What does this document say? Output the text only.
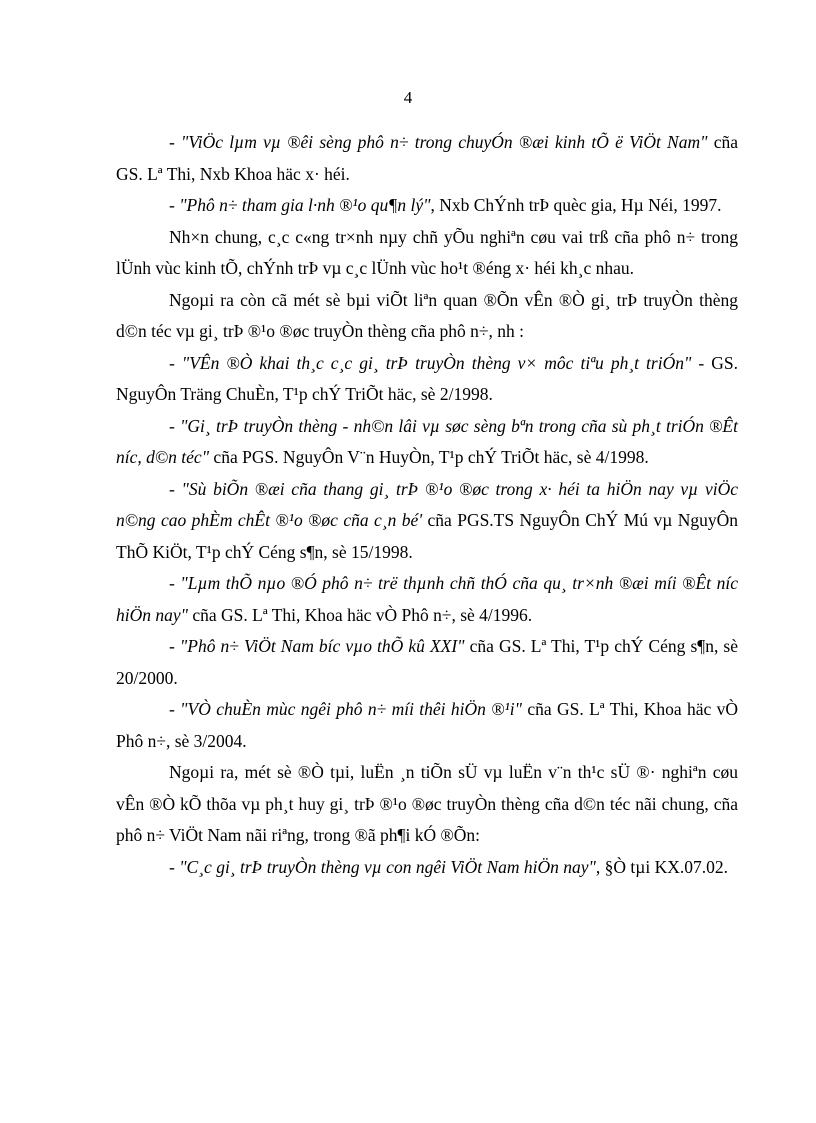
4

- "ViÖc lµm vµ ®êi sèng phô n÷ trong chuyÓn ®æi kinh tÕ ë ViÖt Nam" cña GS. Lª Thi, Nxb Khoa häc x· héi.

- "Phô n÷ tham gia l·nh ®¹o qu¶n lý", Nxb ChÝnh trÞ quèc gia, Hµ Néi, 1997.

Nh×n chung, c¸c c«ng tr×nh nµy chñ yÕu nghiªn cøu vai trß cña phô n÷ trong lÜnh vùc kinh tÕ, chÝnh trÞ vµ c¸c lÜnh vùc ho¹t ®éng x· héi kh¸c nhau.

Ngoµi ra còn cã mét sè bµi viÕt liªn quan ®Õn vÊn ®Ò gi¸ trÞ truyÒn thèng d©n téc vµ gi¸ trÞ ®¹o ®øc truyÒn thèng cña phô n÷, nh :

- "VÊn ®Ò khai th¸c c¸c gi¸ trÞ truyÒn thèng v× môc tiªu ph¸t triÓn" - GS. NguyÔn Träng ChuÈn, T¹p chÝ TriÕt häc, sè 2/1998.

- "Gi¸ trÞ truyÒn thèng - nh©n lâi vµ søc sèng bªn trong cña sù ph¸t triÓn ®Êt níc, d©n téc" cña PGS. NguyÔn V¨n HuyÒn, T¹p chÝ TriÕt häc, sè 4/1998.

- "Sù biÕn ®æi cña thang gi¸ trÞ ®¹o ®øc trong x· héi ta hiÖn nay vµ viÖc n©ng cao phÈm chÊt ®¹o ®øc cña c¸n bé' cña PGS.TS NguyÔn ChÝ Mú vµ NguyÔn ThÕ KiÖt, T¹p chÝ Céng s¶n, sè 15/1998.

- "Lµm thÕ nµo ®Ó phô n÷ trë thµnh chñ thÓ cña qu¸ tr×nh ®æi míi ®Êt níc hiÖn nay" cña GS. Lª Thi, Khoa häc vÒ Phô n÷, sè 4/1996.

- "Phô n÷ ViÖt Nam bíc vµo thÕ kû XXI" cña GS. Lª Thi, T¹p chÝ Céng s¶n, sè 20/2000.

- "VÒ chuÈn mùc ngêi phô n÷ míi thêi hiÖn ®¹i" cña GS. Lª Thi, Khoa häc vÒ Phô n÷, sè 3/2004.

Ngoµi ra, mét sè ®Ò tµi, luËn ¸n tiÕn sÜ vµ luËn v¨n th¹c sÜ ®· nghiªn cøu vÊn ®Ò kÕ thõa vµ ph¸t huy gi¸ trÞ ®¹o ®øc truyÒn thèng cña d©n téc nãi chung, cña phô n÷ ViÖt Nam nãi riªng, trong ®ã ph¶i kÓ ®Õn:

- "C¸c gi¸ trÞ truyÒn thèng vµ con ngêi ViÖt Nam hiÖn nay", §Ò tµi KX.07.02.
